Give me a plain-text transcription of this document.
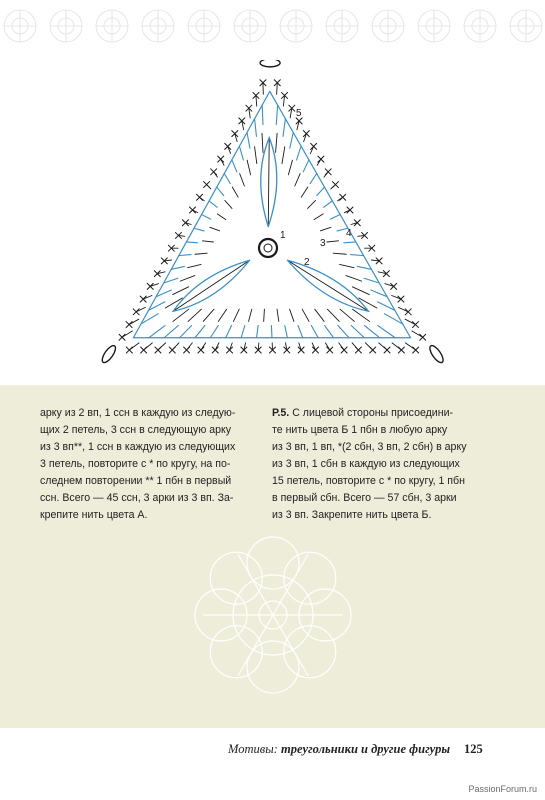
1
2
3
4
5
арку из 2 вп, 1 ссн в каждую из следую-
щих 2 петель, 3 ссн в следующую арку
из 3 вп**, 1 ссн в каждую из следующих
3 петель, повторите с * по кругу, на по-
следнем повторении ** 1 пбн в первый
ссн. Всего — 45 ссн, 3 арки из 3 вп. За-
крепите нить цвета А.
Р.5. С лицевой стороны присоедини-
те нить цвета Б 1 пбн в любую арку
из 3 вп, 1 вп, *(2 сбн, 3 вп, 2 сбн) в арку
из 3 вп, 1 сбн в каждую из следующих
15 петель, повторите с * по кругу, 1 пбн
в первый сбн. Всего — 57 сбн, 3 арки
из 3 вп. Закрепите нить цвета Б.
Мотивы: треугольники и другие фигуры 125
PassionForum.ru
